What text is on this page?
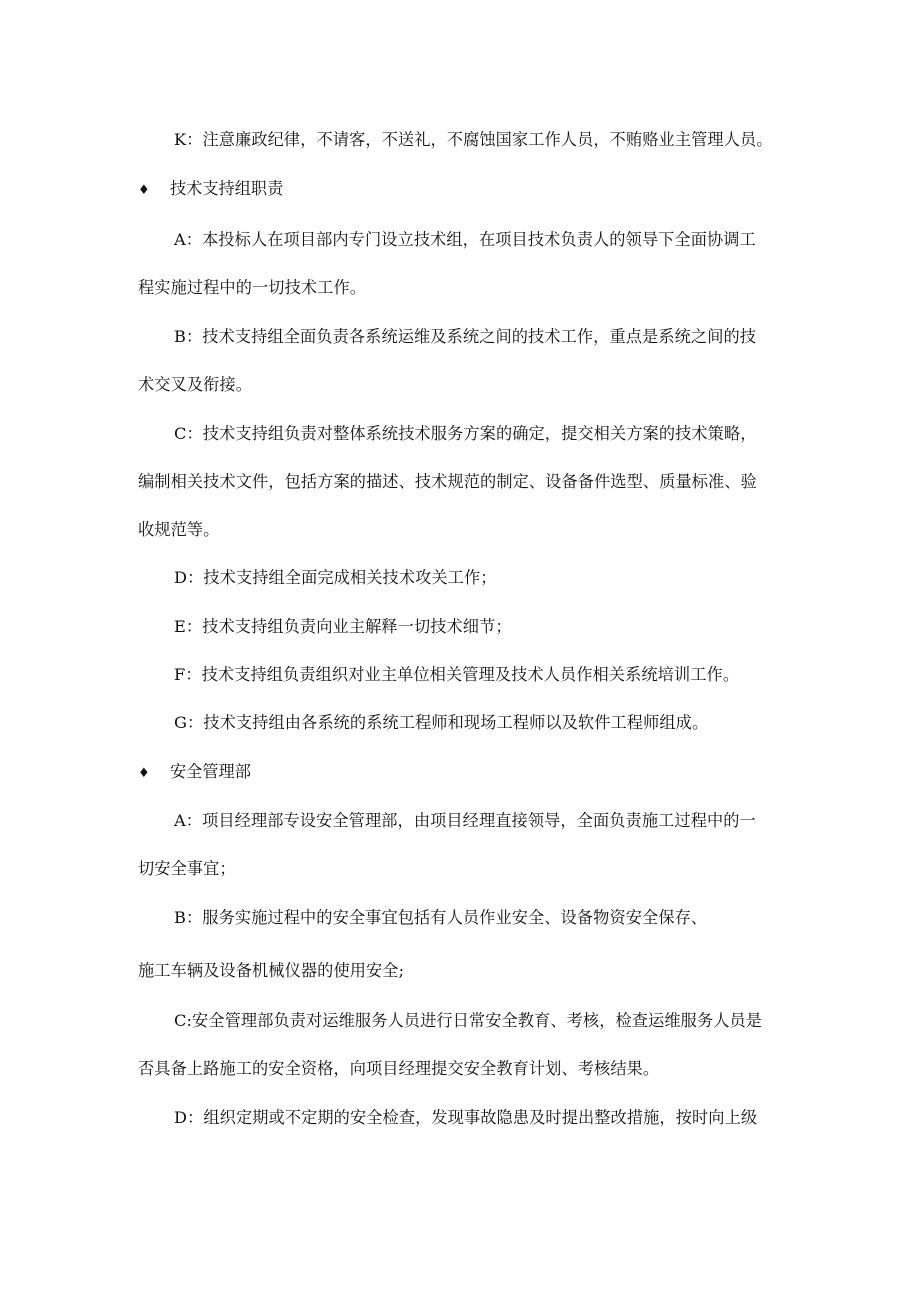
K：注意廉政纪律，不请客，不送礼，不腐蚀国家工作人员，不贿赂业主管理人员。
♦ 技术支持组职责
A：本投标人在项目部内专门设立技术组，在项目技术负责人的领导下全面协调工
程实施过程中的一切技术工作。
B：技术支持组全面负责各系统运维及系统之间的技术工作，重点是系统之间的技
术交叉及衔接。
C：技术支持组负责对整体系统技术服务方案的确定，提交相关方案的技术策略，
编制相关技术文件，包括方案的描述、技术规范的制定、设备备件选型、质量标准、验
收规范等。
D：技术支持组全面完成相关技术攻关工作；
E：技术支持组负责向业主解释一切技术细节；
F：技术支持组负责组织对业主单位相关管理及技术人员作相关系统培训工作。
G：技术支持组由各系统的系统工程师和现场工程师以及软件工程师组成。
♦ 安全管理部
A：项目经理部专设安全管理部，由项目经理直接领导，全面负责施工过程中的一
切安全事宜；
B：服务实施过程中的安全事宜包括有人员作业安全、设备物资安全保存、
施工车辆及设备机械仪器的使用安全;
C:安全管理部负责对运维服务人员进行日常安全教育、考核，检查运维服务人员是
否具备上路施工的安全资格，向项目经理提交安全教育计划、考核结果。
D：组织定期或不定期的安全检查，发现事故隐患及时提出整改措施，按时向上级
